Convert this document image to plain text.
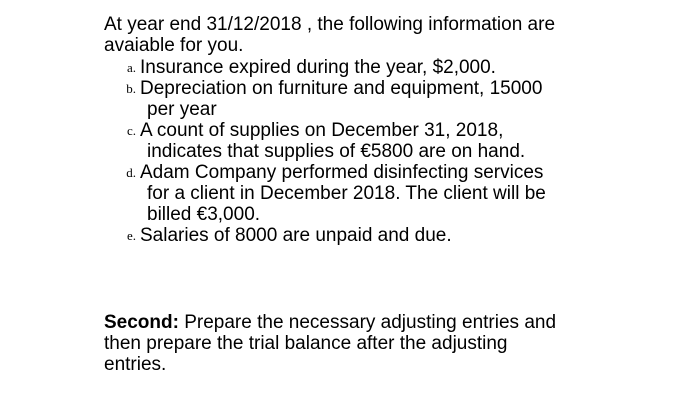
At year end 31/12/2018 , the following information are
avaiable for you.

a. Insurance expired during the year, $2,000.
b. Depreciation on furniture and equipment, 15000
per year
c. A count of supplies on December 31, 2018,
indicates that supplies of €5800 are on hand.
d. Adam Company performed disinfecting services
for a client in December 2018. The client will be
billed €3,000.
e. Salaries of 8000 are unpaid and due.

Second: Prepare the necessary adjusting entries and
then prepare the trial balance after the adjusting
entries.
